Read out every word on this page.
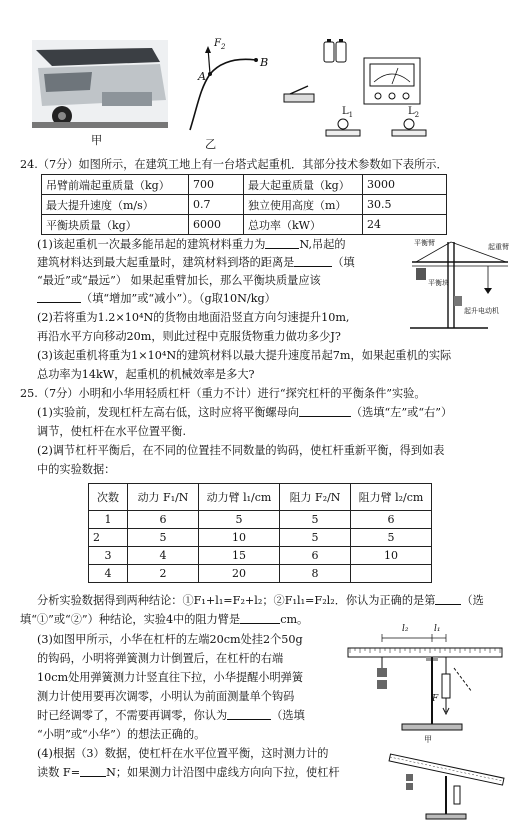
甲
$F_2$
A
B
乙
$L_1$	$L_2$
24.（7分）如图所示，在建筑工地上有一台塔式起重机．其部分技术参数如下表所示．
吊臂前端起重质量（kg）	700	最大起重质量（kg）	3000
最大提升速度（m/s）	0.7	独立使用高度（m）	30.5
平衡块质量（kg）	6000	总功率（kW）	24
(1)该起重机一次最多能吊起的建筑材料重力为	N,吊起的
建筑材料达到最大起重量时，建筑材料到塔的距离是	（填
“最近”或“最远”） 如果起重臂加长，那么平衡块质量应该
（填“增加”或“减小”）。（g取10N/kg）
(2)若将重为1.2×10⁴N的货物由地面沿竖直方向匀速提升10m,
再沿水平方向移动20m，则此过程中克服货物重力做功多少J?
(3)该起重机将重为1×10⁴N的建筑材料以最大提升速度吊起7m，如果起重机的实际
总功率为14kW，起重机的机械效率是多大?
平衡臂	起重臂
平衡块
起升电动机
25.（7分）小明和小华用轻质杠杆（重力不计）进行“探究杠杆的平衡条件”实验。
(1)实验前，发现杠杆左高右低，这时应将平衡螺母向	（选填“左”或“右”）
调节，使杠杆在水平位置平衡.
(2)调节杠杆平衡后，在不同的位置挂不同数量的钩码，使杠杆重新平衡，得到如表
中的实验数据：
次数	动力 F₁/N	动力臂 l₁/cm	阻力 F₂/N	阻力臂 l₂/cm
1	6	5	5	6
2	5	10	5	5
3	4	15	6	10
4	2	20	8	
分析实验数据得到两种结论：①F₁+l₁=F₂+l₂；②F₁l₁=F₂l₂．你认为正确的是第 （选
填“①”或“②”）种结论，实验4中的阻力臂是	cm。
(3)如图甲所示，小华在杠杆的左端20cm处挂2个50g
的钩码，小明将弹簧测力计倒置后，在杠杆的右端
10cm处用弹簧测力计竖直往下拉，小华提醒小明弹簧
测力计使用要再次调零，小明认为前面测量单个钩码
时已经调零了，不需要再调零，你认为	（选填
“小明”或“小华”）的想法正确的。
(4)根据（3）数据，使杠杆在水平位置平衡，这时测力计的
读数 F= N；如果测力计沿图中虚线方向向下拉，使杠杆
l₂	l₁
F
甲
